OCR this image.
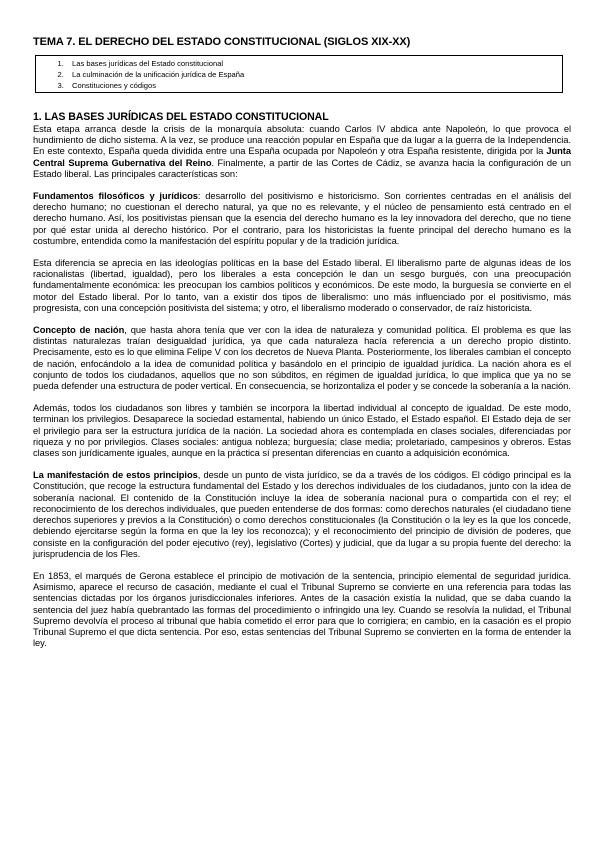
TEMA 7. EL DERECHO DEL ESTADO CONSTITUCIONAL (SIGLOS XIX-XX)
1. Las bases jurídicas del Estado constitucional
2. La culminación de la unificación jurídica de España
3. Constituciones y códigos
1. LAS BASES JURÍDICAS DEL ESTADO CONSTITUCIONAL

Esta etapa arranca desde la crisis de la monarquía absoluta: cuando Carlos IV abdica ante Napoleón, lo que provoca el hundimiento de dicho sistema. A la vez, se produce una reacción popular en España que da lugar a la guerra de la Independencia. En este contexto, España queda dividida entre una España ocupada por Napoleón y otra España resistente, dirigida por la Junta Central Suprema Gubernativa del Reino. Finalmente, a partir de las Cortes de Cádiz, se avanza hacia la configuración de un Estado liberal. Las principales características son:

Fundamentos filosóficos y jurídicos: desarrollo del positivismo e historicismo. Son corrientes centradas en el análisis del derecho humano; no cuestionan el derecho natural, ya que no es relevante, y el núcleo de pensamiento está centrado en el derecho humano. Así, los positivistas piensan que la esencia del derecho humano es la ley innovadora del derecho, que no tiene por qué estar unida al derecho histórico. Por el contrario, para los historicistas la fuente principal del derecho humano es la costumbre, entendida como la manifestación del espíritu popular y de la tradición jurídica.

Esta diferencia se aprecia en las ideologías políticas en la base del Estado liberal. El liberalismo parte de algunas ideas de los racionalistas (libertad, igualdad), pero los liberales a esta concepción le dan un sesgo burgués, con una preocupación fundamentalmente económica: les preocupan los cambios políticos y económicos. De este modo, la burguesía se convierte en el motor del Estado liberal. Por lo tanto, van a existir dos tipos de liberalismo: uno más influenciado por el positivismo, más progresista, con una concepción positivista del sistema; y otro, el liberalismo moderado o conservador, de raíz historicista.

Concepto de nación, que hasta ahora tenía que ver con la idea de naturaleza y comunidad política. El problema es que las distintas naturalezas traían desigualdad jurídica, ya que cada naturaleza hacía referencia a un derecho propio distinto. Precisamente, esto es lo que elimina Felipe V con los decretos de Nueva Planta. Posteriormente, los liberales cambian el concepto de nación, enfocándolo a la idea de comunidad política y basándolo en el principio de igualdad jurídica. La nación ahora es el conjunto de todos los ciudadanos, aquellos que no son súbditos, en régimen de igualdad jurídica, lo que implica que ya no se pueda defender una estructura de poder vertical. En consecuencia, se horizontaliza el poder y se concede la soberanía a la nación.

Además, todos los ciudadanos son libres y también se incorpora la libertad individual al concepto de igualdad. De este modo, terminan los privilegios. Desaparece la sociedad estamental, habiendo un único Estado, el Estado español. El Estado deja de ser el privilegio para ser la estructura jurídica de la nación. La sociedad ahora es contemplada en clases sociales, diferenciadas por riqueza y no por privilegios. Clases sociales: antigua nobleza; burguesía; clase media; proletariado, campesinos y obreros. Estas clases son jurídicamente iguales, aunque en la práctica sí presentan diferencias en cuanto a adquisición económica.

La manifestación de estos principios, desde un punto de vista jurídico, se da a través de los códigos. El código principal es la Constitución, que recoge la estructura fundamental del Estado y los derechos individuales de los ciudadanos, junto con la idea de soberanía nacional. El contenido de la Constitución incluye la idea de soberanía nacional pura o compartida con el rey; el reconocimiento de los derechos individuales, que pueden entenderse de dos formas: como derechos naturales (el ciudadano tiene derechos superiores y previos a la Constitución) o como derechos constitucionales (la Constitución o la ley es la que los concede, debiendo ejercitarse según la forma en que la ley los reconozca); y el reconocimiento del principio de división de poderes, que consiste en la configuración del poder ejecutivo (rey), legislativo (Cortes) y judicial, que da lugar a su propia fuente del derecho: la jurisprudencia de los Fles.

En 1853, el marqués de Gerona establece el principio de motivación de la sentencia, principio elemental de seguridad jurídica. Asimismo, aparece el recurso de casación, mediante el cual el Tribunal Supremo se convierte en una referencia para todas las sentencias dictadas por los órganos jurisdiccionales inferiores. Antes de la casación existía la nulidad, que se daba cuando la sentencia del juez había quebrantado las formas del procedimiento o infringido una ley. Cuando se resolvía la nulidad, el Tribunal Supremo devolvía el proceso al tribunal que había cometido el error para que lo corrigiera; en cambio, en la casación es el propio Tribunal Supremo el que dicta sentencia. Por eso, estas sentencias del Tribunal Supremo se convierten en la forma de entender la ley.
